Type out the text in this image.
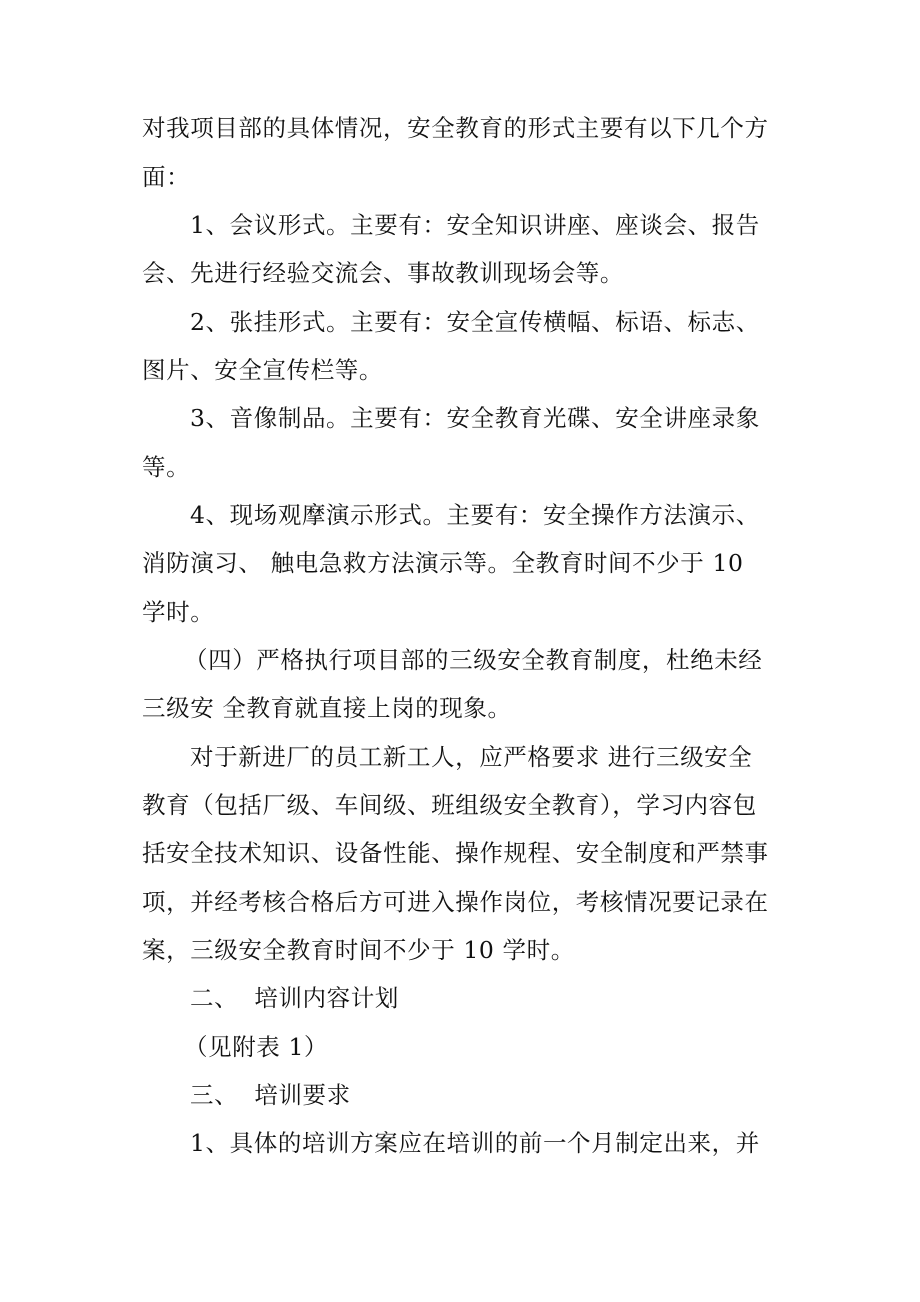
对我项目部的具体情况，安全教育的形式主要有以下几个方
面：
1、会议形式。主要有：安全知识讲座、座谈会、报告
会、先进行经验交流会、事故教训现场会等。
2、张挂形式。主要有：安全宣传横幅、标语、标志、
图片、安全宣传栏等。
3、音像制品。主要有：安全教育光碟、安全讲座录象
等。
4、现场观摩演示形式。主要有：安全操作方法演示、
消防演习、 触电急救方法演示等。全教育时间不少于 10
学时。
（四）严格执行项目部的三级安全教育制度，杜绝未经
三级安 全教育就直接上岗的现象。
对于新进厂的员工新工人，应严格要求 进行三级安全
教育（包括厂级、车间级、班组级安全教育），学习内容包
括安全技术知识、设备性能、操作规程、安全制度和严禁事
项，并经考核合格后方可进入操作岗位，考核情况要记录在
案，三级安全教育时间不少于 10 学时。
二、  培训内容计划
（见附表 1）
三、  培训要求
1、具体的培训方案应在培训的前一个月制定出来，并
